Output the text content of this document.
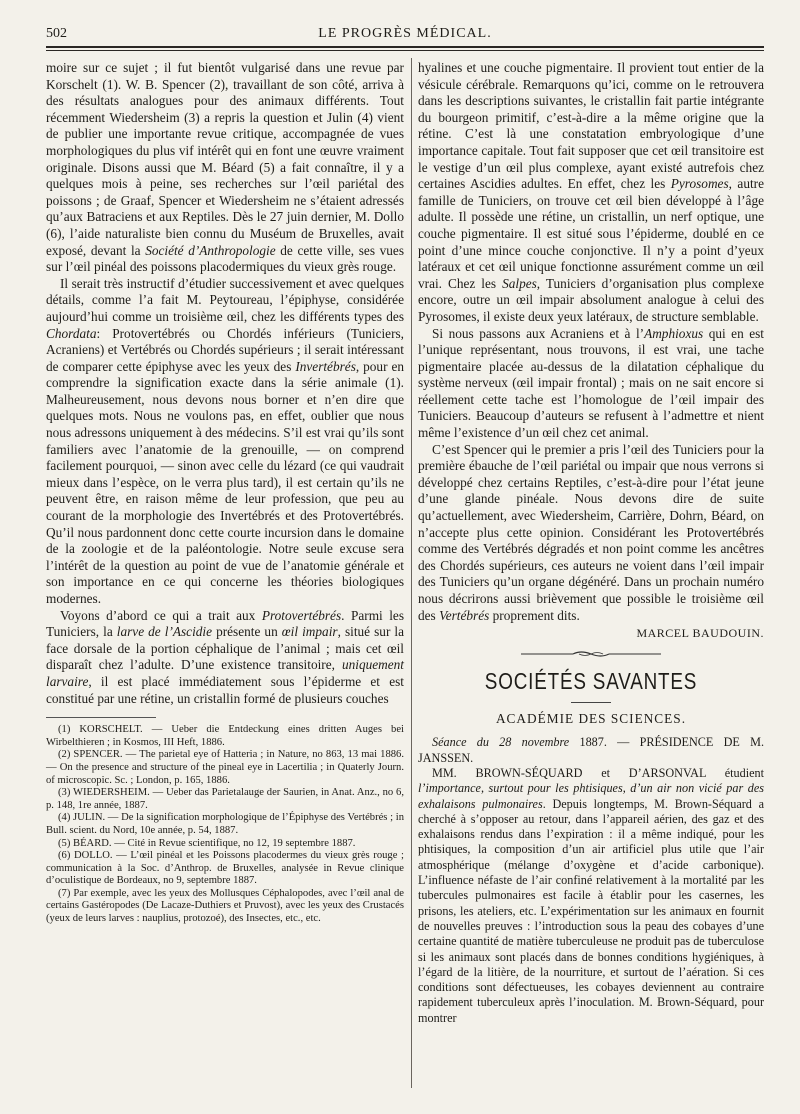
502	LE PROGRÈS MÉDICAL.

moire sur ce sujet ; il fut bientôt vulgarisé dans une revue par Korschelt (1). W. B. Spencer (2), travaillant de son côté, arriva à des résultats analogues pour des animaux différents. Tout récemment Wiedersheim (3) a repris la question et Julin (4) vient de publier une importante revue critique, accompagnée de vues morphologiques du plus vif intérêt qui en font une œuvre vraiment originale. Disons aussi que M. Béard (5) a fait connaître, il y a quelques mois à peine, ses recherches sur l’œil pariétal des poissons ; de Graaf, Spencer et Wiedersheim ne s’étaient adressés qu’aux Batraciens et aux Reptiles. Dès le 27 juin dernier, M. Dollo (6), l’aide naturaliste bien connu du Muséum de Bruxelles, avait exposé, devant la Société d’Anthropologie de cette ville, ses vues sur l’œil pinéal des poissons placodermiques du vieux grès rouge.

Il serait très instructif d’étudier successivement et avec quelques détails, comme l’a fait M. Peytoureau, l’épiphyse, considérée aujourd’hui comme un troisième œil, chez les différents types des Chordata: Protovertébrés ou Chordés inférieurs (Tuniciers, Acraniens) et Vertébrés ou Chordés supérieurs ; il serait intéressant de comparer cette épiphyse avec les yeux des Invertébrés, pour en comprendre la signification exacte dans la série animale (1). Malheureusement, nous devons nous borner et n’en dire que quelques mots. Nous ne voulons pas, en effet, oublier que nous nous adressons uniquement à des médecins. S’il est vrai qu’ils sont familiers avec l’anatomie de la grenouille, — on comprend facilement pourquoi, — sinon avec celle du lézard (ce qui vaudrait mieux dans l’espèce, on le verra plus tard), il est certain qu’ils ne peuvent être, en raison même de leur profession, que peu au courant de la morphologie des Invertébrés et des Protovertébrés. Qu’il nous pardonnent donc cette courte incursion dans le domaine de la zoologie et de la paléontologie. Notre seule excuse sera l’intérêt de la question au point de vue de l’anatomie générale et son importance en ce qui concerne les théories biologiques modernes.

Voyons d’abord ce qui a trait aux Protovertébrés. Parmi les Tuniciers, la larve de l’Ascidie présente un œil impair, situé sur la face dorsale de la portion céphalique de l’animal ; mais cet œil disparaît chez l’adulte. D’une existence transitoire, uniquement larvaire, il est placé immédiatement sous l’épiderme et est constitué par une rétine, un cristallin formé de plusieurs couches

(1) KORSCHELT. — Ueber die Entdeckung eines dritten Auges bei Wirbelthieren ; in Kosmos, III Heft, 1886.

(2) SPENCER. — The parietal eye of Hatteria ; in Nature, no 863, 13 mai 1886. — On the presence and structure of the pineal eye in Lacertilia ; in Quaterly Journ. of microscopic. Sc. ; London, p. 165, 1886.

(3) WIEDERSHEIM. — Ueber das Parietalauge der Saurien, in Anat. Anz., no 6, p. 148, 1re année, 1887.

(4) JULIN. — De la signification morphologique de l’Épiphyse des Vertébrés ; in Bull. scient. du Nord, 10e année, p. 54, 1887.

(5) BÉARD. — Cité in Revue scientifique, no 12, 19 septembre 1887.

(6) DOLLO. — L’œil pinéal et les Poissons placodermes du vieux grès rouge ; communication à la Soc. d’Anthrop. de Bruxelles, analysée in Revue clinique d’oculistique de Bordeaux, no 9, septembre 1887.

(7) Par exemple, avec les yeux des Mollusques Céphalopodes, avec l’œil anal de certains Gastéropodes (De Lacaze-Duthiers et Pruvost), avec les yeux des Crustacés (yeux de leurs larves : nauplius, protozoé), des Insectes, etc., etc.

hyalines et une couche pigmentaire. Il provient tout entier de la vésicule cérébrale. Remarquons qu’ici, comme on le retrouvera dans les descriptions suivantes, le cristallin fait partie intégrante du bourgeon primitif, c’est-à-dire a la même origine que la rétine. C’est là une constatation embryologique d’une importance capitale. Tout fait supposer que cet œil transitoire est le vestige d’un œil plus complexe, ayant existé autrefois chez certaines Ascidies adultes. En effet, chez les Pyrosomes, autre famille de Tuniciers, on trouve cet œil bien développé à l’âge adulte. Il possède une rétine, un cristallin, un nerf optique, une couche pigmentaire. Il est situé sous l’épiderme, doublé en ce point d’une mince couche conjonctive. Il n’y a point d’yeux latéraux et cet œil unique fonctionne assurément comme un œil vrai. Chez les Salpes, Tuniciers d’organisation plus complexe encore, outre un œil impair absolument analogue à celui des Pyrosomes, il existe deux yeux latéraux, de structure semblable.

Si nous passons aux Acraniens et à l’Amphioxus qui en est l’unique représentant, nous trouvons, il est vrai, une tache pigmentaire placée au-dessus de la dilatation céphalique du système nerveux (œil impair frontal) ; mais on ne sait encore si réellement cette tache est l’homologue de l’œil impair des Tuniciers. Beaucoup d’auteurs se refusent à l’admettre et nient même l’existence d’un œil chez cet animal.

C’est Spencer qui le premier a pris l’œil des Tuniciers pour la première ébauche de l’œil pariétal ou impair que nous verrons si développé chez certains Reptiles, c’est-à-dire pour l’état jeune d’une glande pinéale. Nous devons dire de suite qu’actuellement, avec Wiedersheim, Carrière, Dohrn, Béard, on n’accepte plus cette opinion. Considérant les Protovertébrés comme des Vertébrés dégradés et non point comme les ancêtres des Chordés supérieurs, ces auteurs ne voient dans l’œil impair des Tuniciers qu’un organe dégénéré. Dans un prochain numéro nous décrirons aussi brièvement que possible le troisième œil des Vertébrés proprement dits.

MARCEL BAUDOUIN.
SOCIÉTÉS SAVANTES
ACADÉMIE DES SCIENCES.

Séance du 28 novembre 1887. — PRÉSIDENCE DE M. JANSSEN.

MM. BROWN-SÉQUARD et D’ARSONVAL étudient l’importance, surtout pour les phtisiques, d’un air non vicié par des exhalaisons pulmonaires. Depuis longtemps, M. Brown-Séquard a cherché à s’opposer au retour, dans l’appareil aérien, des gaz et des exhalaisons rendus dans l’expiration : il a même indiqué, pour les phtisiques, la composition d’un air artificiel plus utile que l’air atmosphérique (mélange d’oxygène et d’acide carbonique). L’influence néfaste de l’air confiné relativement à la mortalité par les tubercules pulmonaires est facile à établir pour les casernes, les prisons, les ateliers, etc. L’expérimentation sur les animaux en fournit de nouvelles preuves : l’introduction sous la peau des cobayes d’une certaine quantité de matière tuberculeuse ne produit pas de tuberculose si les animaux sont placés dans de bonnes conditions hygiéniques, à l’égard de la litière, de la nourriture, et surtout de l’aération. Si ces conditions sont défectueuses, les cobayes deviennent au contraire rapidement tuberculeux après l’inoculation. M. Brown-Séquard, pour montrer
